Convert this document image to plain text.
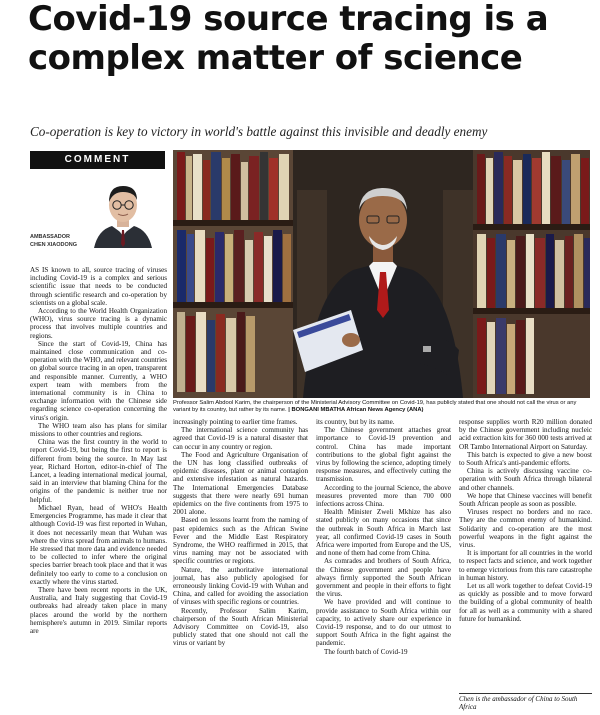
Covid-19 source tracing is a complex matter of science
Co-operation is key to victory in world's battle against this invisible and deadly enemy
COMMENT
AMBASSADOR
CHEN XIAODONG
Professor Salim Abdool Karim, the chairperson of the Ministerial Advisory Committee on Covid-19, has publicly stated that one should not call the virus or any variant by its country, but rather by its name. | BONGANI MBATHA African News Agency (ANA)

AS IS known to all, source tracing of viruses including Covid-19 is a complex and serious scientific issue that needs to be conducted through scientific research and co-operation by scientists on a global scale.

According to the World Health Organization (WHO), virus source tracing is a dynamic process that involves multiple countries and regions.

Since the start of Covid-19, China has maintained close communication and co-operation with the WHO, and relevant countries on global source tracing in an open, transparent and responsible manner. Currently, a WHO expert team with members from the international community is in China to exchange information with the Chinese side regarding science co-operation concerning the virus's origin.

The WHO team also has plans for similar missions to other countries and regions.

China was the first country in the world to report Covid-19, but being the first to report is different from being the source. In May last year, Richard Horton, editor-in-chief of The Lancet, a leading international medical journal, said in an interview that blaming China for the origins of the pandemic is neither true nor helpful.

Michael Ryan, head of WHO's Health Emergencies Programme, has made it clear that although Covid-19 was first reported in Wuhan, it does not necessarily mean that Wuhan was where the virus spread from animals to humans. He stressed that more data and evidence needed to be collected to infer where the original species barrier breach took place and that it was definitely too early to come to a conclusion on exactly where the virus started.

There have been recent reports in the UK, Australia, and Italy suggesting that Covid-19 outbreaks had already taken place in many places around the world by the northern hemisphere's autumn in 2019. Similar reports are

increasingly pointing to earlier time frames.

The international science community has agreed that Covid-19 is a natural disaster that can occur in any country or region.

The Food and Agriculture Organisation of the UN has long classified outbreaks of epidemic diseases, plant or animal contagion and extensive infestation as natural hazards. The International Emergencies Database suggests that there were nearly 691 human epidemics on the five continents from 1975 to 2001 alone.

Based on lessons learnt from the naming of past epidemics such as the African Swine Fever and the Middle East Respiratory Syndrome, the WHO reaffirmed in 2015, that virus naming may not be associated with specific countries or regions.

Nature, the authoritative international journal, has also publicly apologised for erroneously linking Covid-19 with Wuhan and China, and called for avoiding the association of viruses with specific regions or countries.

Recently, Professor Salim Karim, chairperson of the South African Ministerial Advisory Committee on Covid-19, also publicly stated that one should not call the virus or variant by

its country, but by its name.

The Chinese government attaches great importance to Covid-19 prevention and control. China has made important contributions to the global fight against the virus by following the science, adopting timely response measures, and effectively cutting the transmission.

According to the journal Science, the above measures prevented more than 700 000 infections across China.

Health Minister Zweli Mkhize has also stated publicly on many occasions that since the outbreak in South Africa in March last year, all confirmed Covid-19 cases in South Africa were imported from Europe and the US, and none of them had come from China.

As comrades and brothers of South Africa, the Chinese government and people have always firmly supported the South African government and people in their efforts to fight the virus.

We have provided and will continue to provide assistance to South Africa within our capacity, to actively share our experience in Covid-19 response, and to do our utmost to support South Africa in the fight against the pandemic.

The fourth batch of Covid-19

response supplies worth R20 million donated by the Chinese government including nucleic acid extraction kits for 360 000 tests arrived at OR Tambo International Airport on Saturday.

This batch is expected to give a new boost to South Africa's anti-pandemic efforts.

China is actively discussing vaccine co-operation with South Africa through bilateral and other channels.

We hope that Chinese vaccines will benefit South African people as soon as possible.

Viruses respect no borders and no race. They are the common enemy of humankind. Solidarity and co-operation are the most powerful weapons in the fight against the virus.

It is important for all countries in the world to respect facts and science, and work together to emerge victorious from this rare catastrophe in human history.

Let us all work together to defeat Covid-19 as quickly as possible and to move forward the building of a global community of health for all as well as a community with a shared future for humankind.

Chen is the ambassador of China to South Africa
